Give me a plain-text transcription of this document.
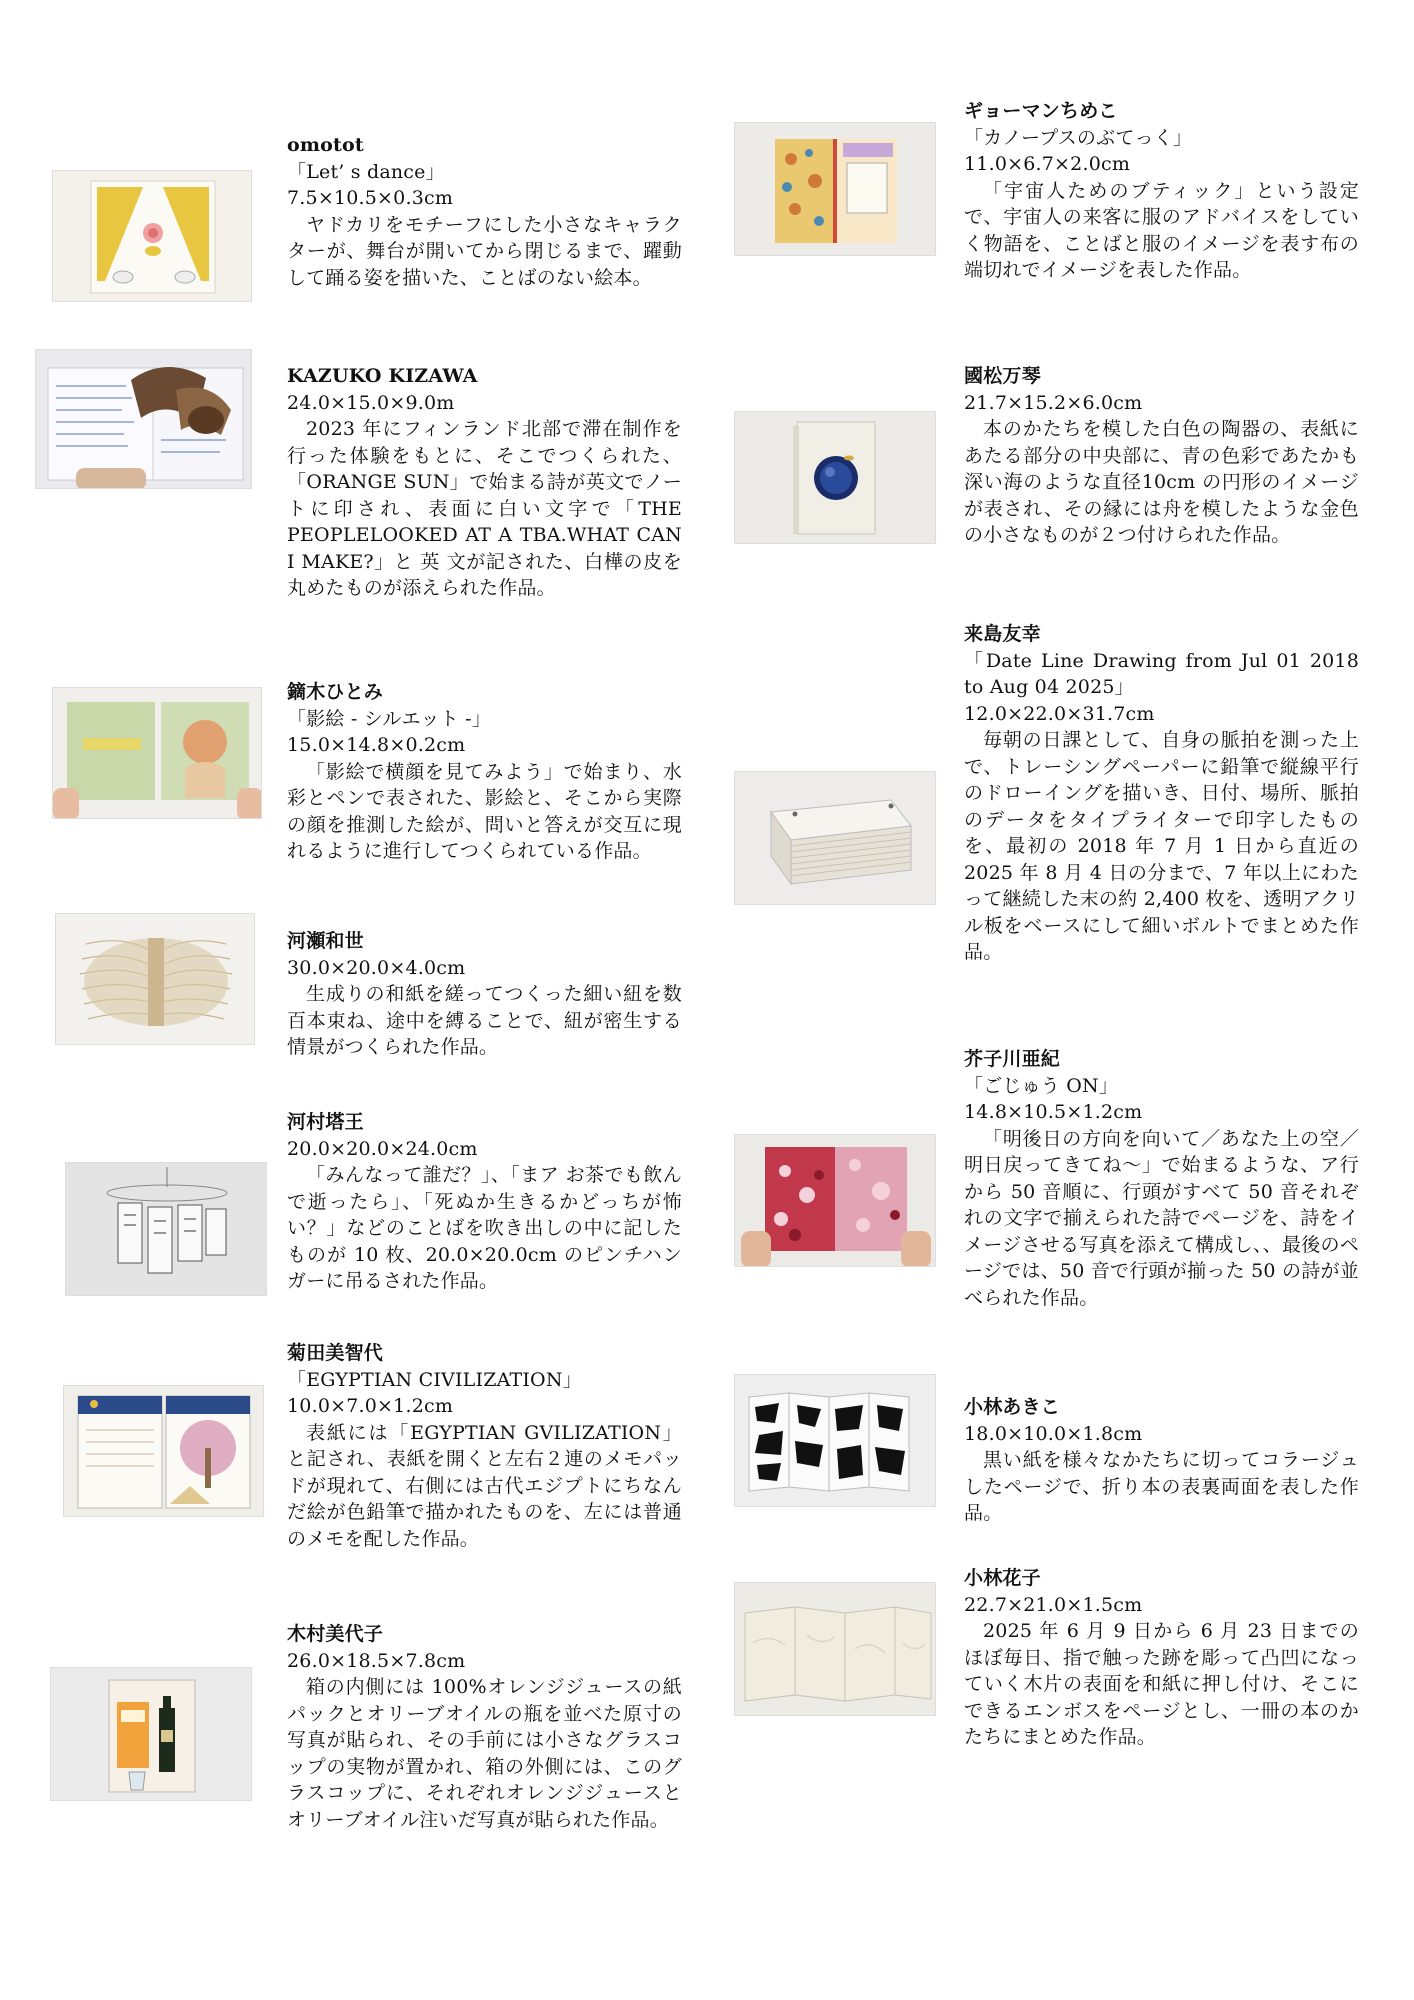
omotot
「Let’ s dance」
7.5×10.5×0.3cm
ヤドカリをモチーフにした小さなキャラクターが、舞台が開いてから閉じるまで、躍動して踊る姿を描いた、ことばのない絵本。
KAZUKO KIZAWA
24.0×15.0×9.0m
2023 年にフィンランド北部で滞在制作を行った体験をもとに、そこでつくられた、「ORANGE SUN」で始まる詩が英文でノートに印され、表面に白い文字で「THE PEOPLELOOKED AT A TBA.WHAT CAN I MAKE?」と 英 文が記された、白樺の皮を丸めたものが添えられた作品。
鏑木ひとみ
「影絵 - シルエット -」
15.0×14.8×0.2cm
「影絵で横顔を見てみよう」で始まり、水彩とペンで表された、影絵と、そこから実際の顔を推測した絵が、問いと答えが交互に現れるように進行してつくられている作品。
河瀬和世
30.0×20.0×4.0cm
生成りの和紙を縒ってつくった細い紐を数百本束ね、途中を縛ることで、紐が密生する情景がつくられた作品。
河村塔王
20.0×20.0×24.0cm
「みんなって誰だ？」、「まア お茶でも飲んで逝ったら」、「死ぬか生きるかどっちが怖い？」などのことばを吹き出しの中に記したものが 10 枚、20.0×20.0cm のピンチハンガーに吊るされた作品。
菊田美智代
「EGYPTIAN CIVILIZATION」
10.0×7.0×1.2cm
表紙には「EGYPTIAN GVILIZATION」と記され、表紙を開くと左右２連のメモパッドが現れて、右側には古代エジプトにちなんだ絵が色鉛筆で描かれたものを、左には普通のメモを配した作品。
木村美代子
26.0×18.5×7.8cm
箱の内側には 100%オレンジジュースの紙パックとオリーブオイルの瓶を並べた原寸の写真が貼られ、その手前には小さなグラスコップの実物が置かれ、箱の外側には、このグラスコップに、それぞれオレンジジュースとオリーブオイル注いだ写真が貼られた作品。
ギョーマンちめこ
「カノープスのぶてっく」
11.0×6.7×2.0cm
「宇宙人ためのブティック」という設定で、宇宙人の来客に服のアドバイスをしていく物語を、ことばと服のイメージを表す布の端切れでイメージを表した作品。
國松万琴
21.7×15.2×6.0cm
本のかたちを模した白色の陶器の、表紙にあたる部分の中央部に、青の色彩であたかも深い海のような直径10cm の円形のイメージが表され、その縁には舟を模したような金色の小さなものが２つ付けられた作品。
来島友幸
「Date Line Drawing from Jul 01 2018 to Aug 04 2025」
12.0×22.0×31.7cm
毎朝の日課として、自身の脈拍を測った上で、トレーシングペーパーに鉛筆で縦線平行のドローイングを描いき、日付、場所、脈拍のデータをタイプライターで印字したものを、最初の 2018 年 7 月 1 日から直近の 2025 年 8 月 4 日の分まで、7 年以上にわたって継続した末の約 2,400 枚を、透明アクリル板をベースにして細いボルトでまとめた作品。
芥子川亜紀
「ごじゅう ON」
14.8×10.5×1.2cm
「明後日の方向を向いて／あなた上の空／明日戻ってきてね〜」で始まるような、ア行から 50 音順に、行頭がすべて 50 音それぞれの文字で揃えられた詩でページを、詩をイメージさせる写真を添えて構成し、、最後のページでは、50 音で行頭が揃った 50 の詩が並べられた作品。
小林あきこ
18.0×10.0×1.8cm
黒い紙を様々なかたちに切ってコラージュしたページで、折り本の表裏両面を表した作品。
小林花子
22.7×21.0×1.5cm
2025 年 6 月 9 日から 6 月 23 日までのほぼ毎日、指で触った跡を彫って凸凹になっていく木片の表面を和紙に押し付け、そこにできるエンボスをページとし、一冊の本のかたちにまとめた作品。
